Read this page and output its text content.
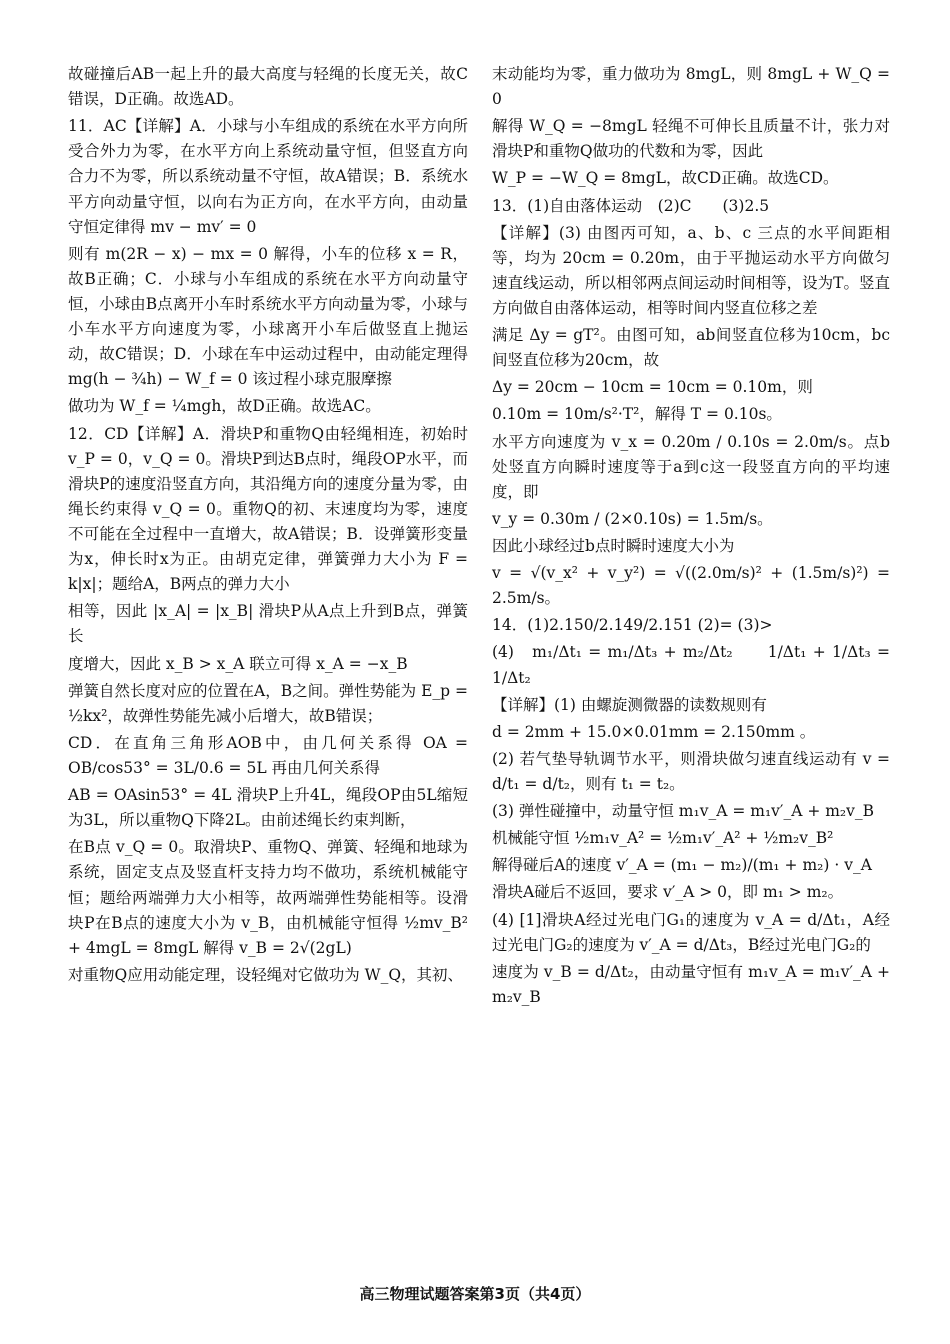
故碰撞后AB一起上升的最大高度与轻绳的长度无关，故C错误，D正确。故选AD。

11．AC【详解】A．小球与小车组成的系统在水平方向所受合外力为零，在水平方向上系统动量守恒，但竖直方向合力不为零，所以系统动量不守恒，故A错误；B．系统水平方向动量守恒，以向右为正方向，在水平方向，由动量守恒定律得 mv − mv′ = 0

则有 m(2R − x) − mx = 0 解得，小车的位移 x = R，故B正确；C．小球与小车组成的系统在水平方向动量守恒，小球由B点离开小车时系统水平方向动量为零，小球与小车水平方向速度为零，小球离开小车后做竖直上抛运动，故C错误；D．小球在车中运动过程中，由动能定理得 mg(h − ¾h) − W_f = 0 该过程小球克服摩擦

做功为 W_f = ¼mgh，故D正确。故选AC。

12．CD【详解】A．滑块P和重物Q由轻绳相连，初始时 v_P = 0，v_Q = 0。滑块P到达B点时，绳段OP水平，而滑块P的速度沿竖直方向，其沿绳方向的速度分量为零，由绳长约束得 v_Q = 0。重物Q的初、末速度均为零，速度不可能在全过程中一直增大，故A错误；B．设弹簧形变量为x，伸长时x为正。由胡克定律，弹簧弹力大小为 F = k|x|；题给A，B两点的弹力大小

相等，因此 |x_A| = |x_B| 滑块P从A点上升到B点，弹簧长

度增大，因此 x_B > x_A 联立可得 x_A = −x_B

弹簧自然长度对应的位置在A，B之间。弹性势能为 E_p = ½kx²，故弹性势能先减小后增大，故B错误；

CD．在直角三角形AOB中，由几何关系得 OA = OB/cos53° = 3L/0.6 = 5L 再由几何关系得

AB = OAsin53° = 4L 滑块P上升4L，绳段OP由5L缩短为3L，所以重物Q下降2L。由前述绳长约束判断，

在B点 v_Q = 0。取滑块P、重物Q、弹簧、轻绳和地球为系统，固定支点及竖直杆支持力均不做功，系统机械能守恒；题给两端弹力大小相等，故两端弹性势能相等。设滑块P在B点的速度大小为 v_B，由机械能守恒得 ½mv_B² + 4mgL = 8mgL 解得 v_B = 2√(2gL)

对重物Q应用动能定理，设轻绳对它做功为 W_Q，其初、

末动能均为零，重力做功为 8mgL，则 8mgL + W_Q = 0

解得 W_Q = −8mgL 轻绳不可伸长且质量不计，张力对滑块P和重物Q做功的代数和为零，因此

W_P = −W_Q = 8mgL，故CD正确。故选CD。

13．(1)自由落体运动　(2)C　　(3)2.5

【详解】(3) 由图丙可知，a、b、c 三点的水平间距相等，均为 20cm = 0.20m，由于平抛运动水平方向做匀速直线运动，所以相邻两点间运动时间相等，设为T。竖直方向做自由落体运动，相等时间内竖直位移之差

满足 Δy = gT²。由图可知，ab间竖直位移为10cm，bc间竖直位移为20cm，故

Δy = 20cm − 10cm = 10cm = 0.10m，则

0.10m = 10m/s²·T²，解得 T = 0.10s。

水平方向速度为 v_x = 0.20m / 0.10s = 2.0m/s。点b处竖直方向瞬时速度等于a到c这一段竖直方向的平均速度，即

v_y = 0.30m / (2×0.10s) = 1.5m/s。

因此小球经过b点时瞬时速度大小为

v = √(v_x² + v_y²) = √((2.0m/s)² + (1.5m/s)²) = 2.5m/s。

14．(1)2.150/2.149/2.151 (2)= (3)>

(4)　m₁/Δt₁ = m₁/Δt₃ + m₂/Δt₂　　1/Δt₁ + 1/Δt₃ = 1/Δt₂

【详解】(1) 由螺旋测微器的读数规则有

d = 2mm + 15.0×0.01mm = 2.150mm 。

(2) 若气垫导轨调节水平，则滑块做匀速直线运动有 v = d/t₁ = d/t₂，则有 t₁ = t₂。

(3) 弹性碰撞中，动量守恒 m₁v_A = m₁v′_A + m₂v_B

机械能守恒 ½m₁v_A² = ½m₁v′_A² + ½m₂v_B²

解得碰后A的速度 v′_A = (m₁ − m₂)/(m₁ + m₂) · v_A

滑块A碰后不返回，要求 v′_A > 0，即 m₁ > m₂。

(4) [1]滑块A经过光电门G₁的速度为 v_A = d/Δt₁，A经过光电门G₂的速度为 v′_A = d/Δt₃，B经过光电门G₂的

速度为 v_B = d/Δt₂，由动量守恒有 m₁v_A = m₁v′_A + m₂v_B

高三物理试题答案第3页（共4页）
